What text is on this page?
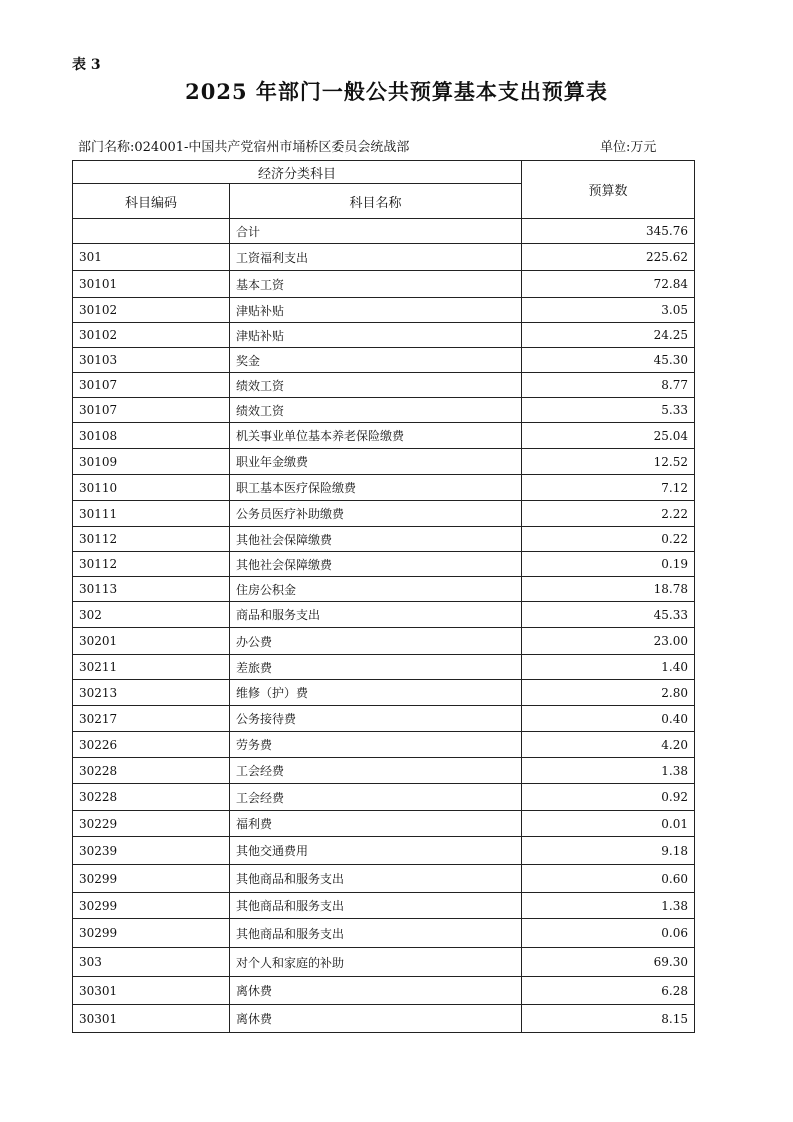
表 3
2025 年部门一般公共预算基本支出预算表
部门名称:024001-中国共产党宿州市埇桥区委员会统战部	单位:万元
经济分类科目		预算数
科目编码	科目名称	
	合计	345.76
301	工资福利支出	225.62
30101	基本工资	72.84
30102	津贴补贴	3.05
30102	津贴补贴	24.25
30103	奖金	45.30
30107	绩效工资	8.77
30107	绩效工资	5.33
30108	机关事业单位基本养老保险缴费	25.04
30109	职业年金缴费	12.52
30110	职工基本医疗保险缴费	7.12
30111	公务员医疗补助缴费	2.22
30112	其他社会保障缴费	0.22
30112	其他社会保障缴费	0.19
30113	住房公积金	18.78
302	商品和服务支出	45.33
30201	办公费	23.00
30211	差旅费	1.40
30213	维修（护）费	2.80
30217	公务接待费	0.40
30226	劳务费	4.20
30228	工会经费	1.38
30228	工会经费	0.92
30229	福利费	0.01
30239	其他交通费用	9.18
30299	其他商品和服务支出	0.60
30299	其他商品和服务支出	1.38
30299	其他商品和服务支出	0.06
303	对个人和家庭的补助	69.30
30301	离休费	6.28
30301	离休费	8.15
